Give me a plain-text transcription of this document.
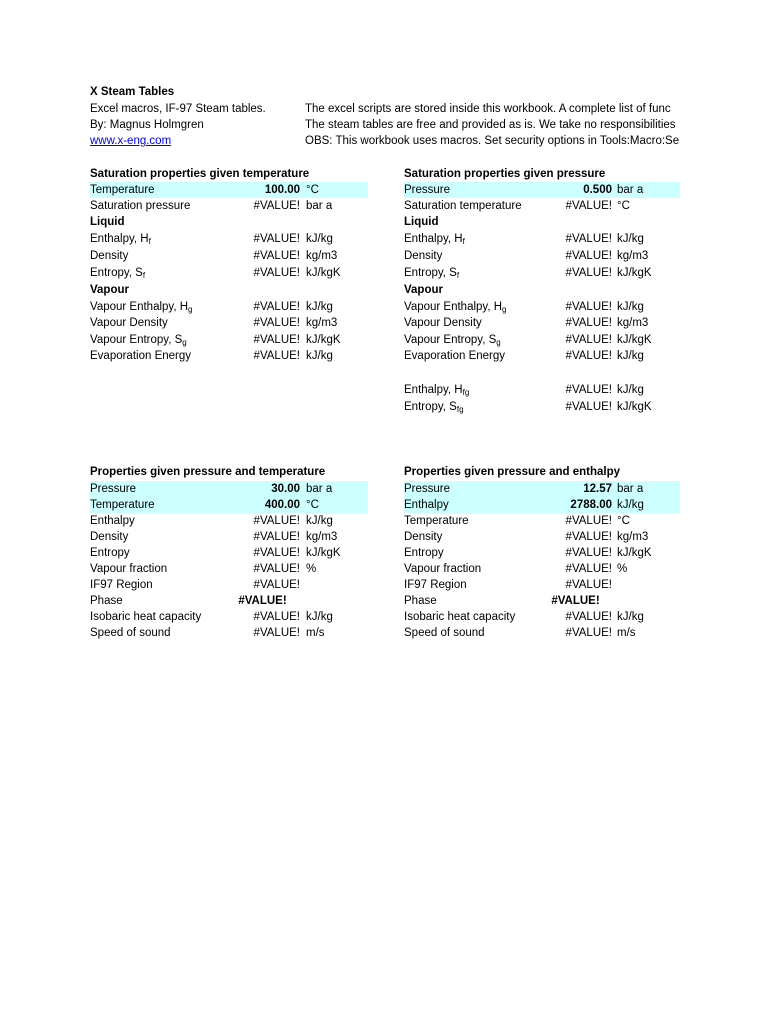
X Steam Tables
Excel macros, IF-97 Steam tables.
By: Magnus Holmgren
www.x-eng.com
The excel scripts are stored inside this workbook. A complete list of func
The steam tables are free and provided as is. We take no responsibilities
OBS: This workbook uses macros. Set security options in Tools:Macro:Se
Saturation properties given temperature
Temperature	100.00 °C
Saturation pressure	#VALUE! bar a
Liquid
Enthalpy, $H_f$	#VALUE! kJ/kg
Density	#VALUE! kg/m3
Entropy, $S_f$	#VALUE! kJ/kgK
Vapour
Vapour Enthalpy, $H_g$	#VALUE! kJ/kg
Vapour Density	#VALUE! kg/m3
Vapour Entropy, $S_g$	#VALUE! kJ/kgK
Evaporation Energy	#VALUE! kJ/kg
Saturation properties given pressure
Pressure	0.500 bar a
Saturation temperature	#VALUE! °C
Liquid
Enthalpy, $H_f$	#VALUE! kJ/kg
Density	#VALUE! kg/m3
Entropy, $S_f$	#VALUE! kJ/kgK
Vapour
Vapour Enthalpy, $H_g$	#VALUE! kJ/kg
Vapour Density	#VALUE! kg/m3
Vapour Entropy, $S_g$	#VALUE! kJ/kgK
Evaporation Energy	#VALUE! kJ/kg
Enthalpy, $H_{fg}$	#VALUE! kJ/kg
Entropy, $S_{fg}$	#VALUE! kJ/kgK
Properties given pressure and temperature
Pressure	30.00 bar a
Temperature	400.00 °C
Enthalpy	#VALUE! kJ/kg
Density	#VALUE! kg/m3
Entropy	#VALUE! kJ/kgK
Vapour fraction	#VALUE! %
IF97 Region	#VALUE!
Phase	#VALUE!
Isobaric heat capacity	#VALUE! kJ/kg
Speed of sound	#VALUE! m/s
Properties given pressure and enthalpy
Pressure	12.57 bar a
Enthalpy	2788.00 kJ/kg
Temperature	#VALUE! °C
Density	#VALUE! kg/m3
Entropy	#VALUE! kJ/kgK
Vapour fraction	#VALUE! %
IF97 Region	#VALUE!
Phase	#VALUE!
Isobaric heat capacity	#VALUE! kJ/kg
Speed of sound	#VALUE! m/s
